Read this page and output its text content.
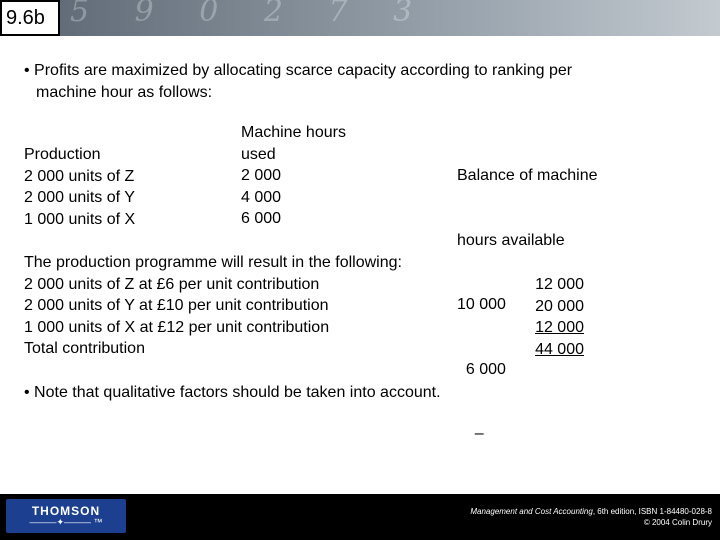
5 9 0 2 7 3
9.6b
• Profits are maximized by allocating scarce capacity according to ranking per
machine hour as follows:
Production
2 000 units of Z
2 000 units of Y
1 000 units of X
Machine hours
used
2 000
4 000
6 000

Balance of machine

hours available

10 000

6 000

–

The production programme will result in the following:
2 000 units of Z at £6 per unit contribution
2 000 units of Y at £10 per unit contribution
1 000 units of X at £12 per unit contribution
Total contribution
12 000
20 000
12 000
44 000
• Note that qualitative factors should be taken into account.
THOMSON
———✦——— ™
Management and Cost Accounting, 6th edition, ISBN 1-84480-028-8
© 2004 Colin Drury
